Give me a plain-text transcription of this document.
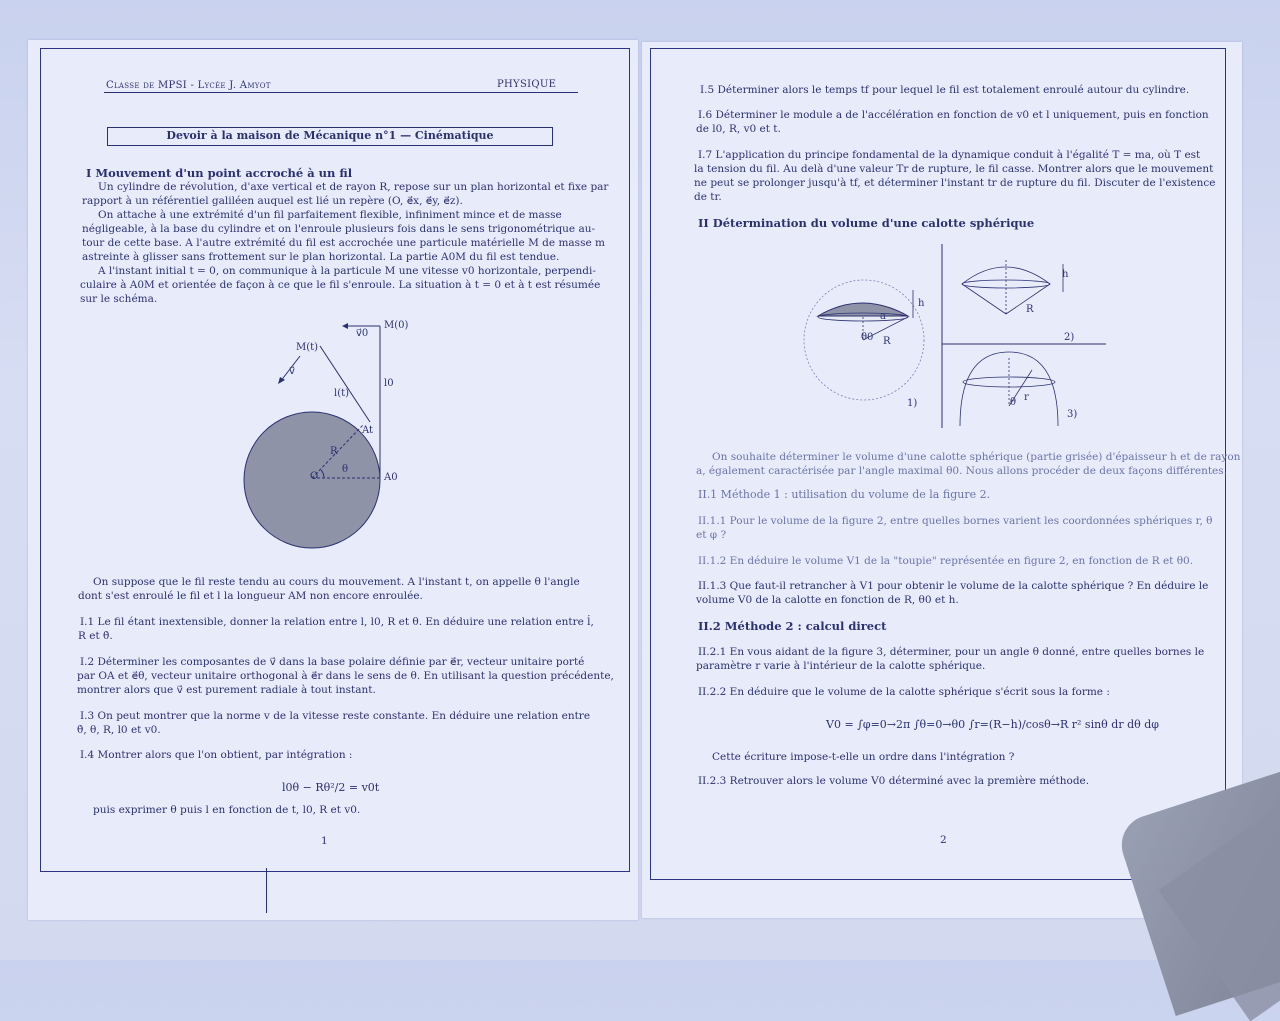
Classe de MPSI - Lycée J. Amyot	PHYSIQUE
Devoir à la maison de Mécanique n°1 — Cinématique
I Mouvement d'un point accroché à un fil
Un cylindre de révolution, d'axe vertical et de rayon R, repose sur un plan horizontal et fixe par
rapport à un référentiel galiléen auquel est lié un repère (O, e⃗x, e⃗y, e⃗z).
On attache à une extrémité d'un fil parfaitement flexible, infiniment mince et de masse
négligeable, à la base du cylindre et on l'enroule plusieurs fois dans le sens trigonométrique au-
tour de cette base. A l'autre extrémité du fil est accrochée une particule matérielle M de masse m
astreinte à glisser sans frottement sur le plan horizontal. La partie A0M du fil est tendue.
A l'instant initial t = 0, on communique à la particule M une vitesse v0 horizontale, perpendi-
culaire à A0M et orientée de façon à ce que le fil s'enroule. La situation à t = 0 et à t est résumée
sur le schéma.
M(0)
v⃗0
M(t)
v⃗
l0
l(t)
At
R
θ
O	A0
On suppose que le fil reste tendu au cours du mouvement. A l'instant t, on appelle θ l'angle
dont s'est enroulé le fil et l la longueur AM non encore enroulée.
I.1 Le fil étant inextensible, donner la relation entre l, l0, R et θ. En déduire une relation entre l̇,
R et θ̇.
I.2 Déterminer les composantes de v⃗ dans la base polaire définie par e⃗r, vecteur unitaire porté
par OA et e⃗θ, vecteur unitaire orthogonal à e⃗r dans le sens de θ. En utilisant la question précédente,
montrer alors que v⃗ est purement radiale à tout instant.
I.3 On peut montrer que la norme v de la vitesse reste constante. En déduire une relation entre
θ̇, θ, R, l0 et v0.
I.4 Montrer alors que l'on obtient, par intégration :
l0θ − Rθ²/2 = v0t
puis exprimer θ puis l en fonction de t, l0, R et v0.
1
I.5 Déterminer alors le temps tf pour lequel le fil est totalement enroulé autour du cylindre.
I.6 Déterminer le module a de l'accélération en fonction de v0 et l uniquement, puis en fonction
de l0, R, v0 et t.
I.7 L'application du principe fondamental de la dynamique conduit à l'égalité T = ma, où T est
la tension du fil. Au delà d'une valeur Tr de rupture, le fil casse. Montrer alors que le mouvement
ne peut se prolonger jusqu'à tf, et déterminer l'instant tr de rupture du fil. Discuter de l'existence
de tr.
II Détermination du volume d'une calotte sphérique
h
a
θ0 R
h
R
2)
1)
r
θ
3)
On souhaite déterminer le volume d'une calotte sphérique (partie grisée) d'épaisseur h et de rayon
a, également caractérisée par l'angle maximal θ0. Nous allons procéder de deux façons différentes.
II.1 Méthode 1 : utilisation du volume de la figure 2.
II.1.1 Pour le volume de la figure 2, entre quelles bornes varient les coordonnées sphériques r, θ
et φ ?
II.1.2 En déduire le volume V1 de la "toupie" représentée en figure 2, en fonction de R et θ0.
II.1.3 Que faut-il retrancher à V1 pour obtenir le volume de la calotte sphérique ? En déduire le
volume V0 de la calotte en fonction de R, θ0 et h.
II.2 Méthode 2 : calcul direct
II.2.1 En vous aidant de la figure 3, déterminer, pour un angle θ donné, entre quelles bornes le
paramètre r varie à l'intérieur de la calotte sphérique.
II.2.2 En déduire que le volume de la calotte sphérique s'écrit sous la forme :
V0 = ∫φ=0→2π ∫θ=0→θ0 ∫r=(R−h)/cosθ→R r² sinθ dr dθ dφ
Cette écriture impose-t-elle un ordre dans l'intégration ?
II.2.3 Retrouver alors le volume V0 déterminé avec la première méthode.
2
